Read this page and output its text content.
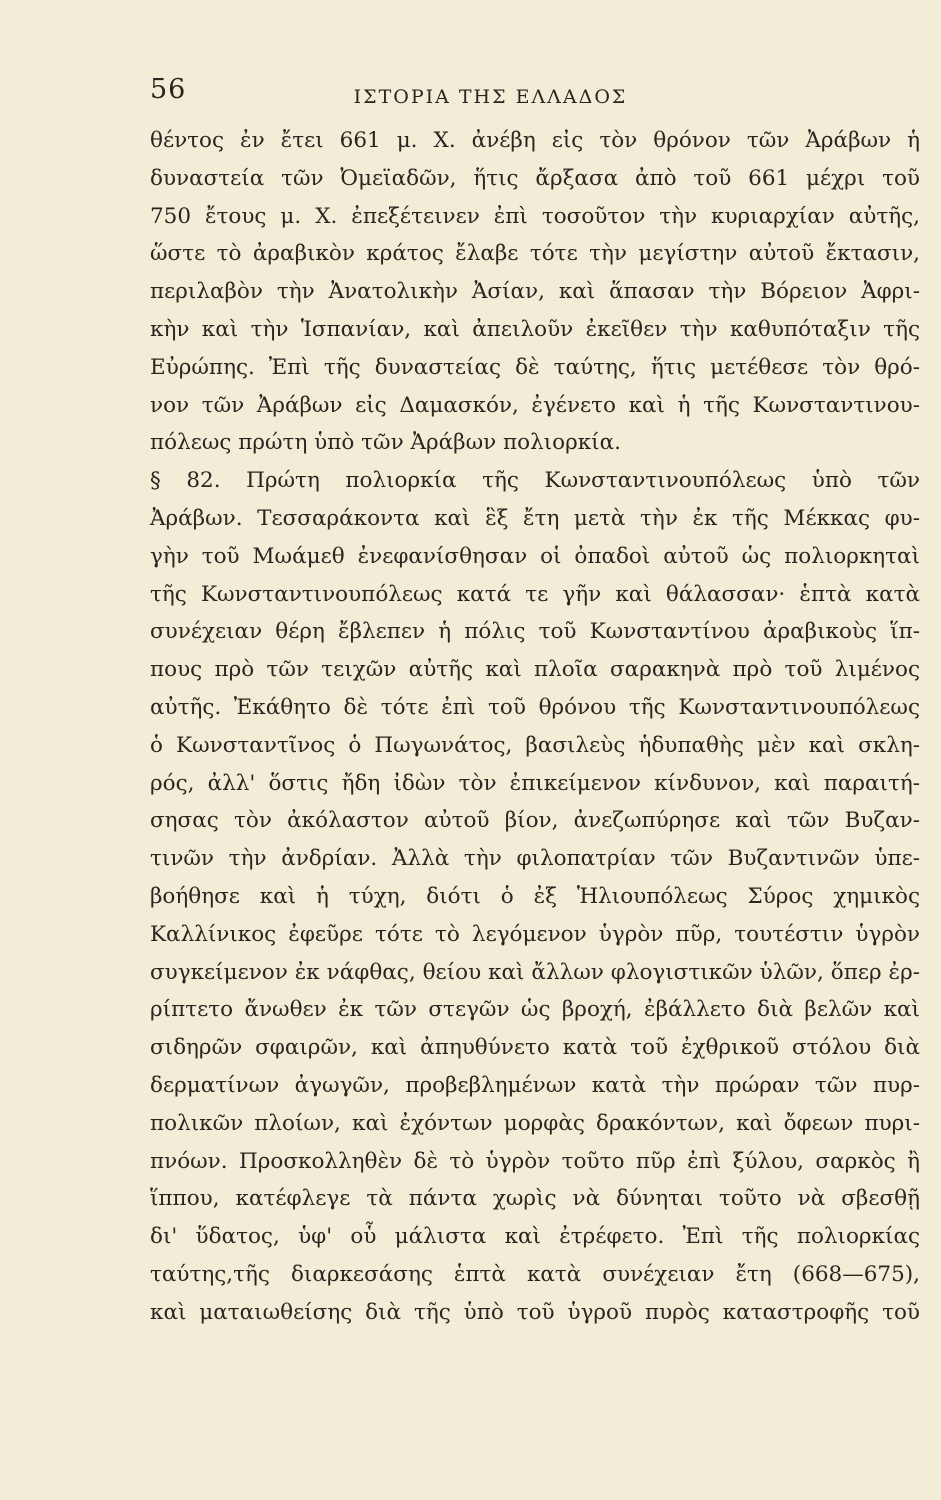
56	ΙΣΤΟΡΙΑ ΤΗΣ ΕΛΛΑΔΟΣ
θέντος ἐν ἔτει 661 μ. Χ. ἀνέβη εἰς τὸν θρόνον τῶν Ἀράβων ἡ
δυναστεία τῶν Ὀμεϊαδῶν, ἥτις ἄρξασα ἀπὸ τοῦ 661 μέχρι τοῦ
750 ἔτους μ. Χ. ἐπεξέτεινεν ἐπὶ τοσοῦτον τὴν κυριαρχίαν αὐτῆς,
ὥστε τὸ ἀραβικὸν κράτος ἔλαβε τότε τὴν μεγίστην αὐτοῦ ἔκτασιν,
περιλαβὸν τὴν Ἀνατολικὴν Ἀσίαν, καὶ ἅπασαν τὴν Βόρειον Ἀφρι-
κὴν καὶ τὴν Ἱσπανίαν, καὶ ἀπειλοῦν ἐκεῖθεν τὴν καθυπόταξιν τῆς
Εὐρώπης. Ἐπὶ τῆς δυναστείας δὲ ταύτης, ἥτις μετέθεσε τὸν θρό-
νον τῶν Ἀράβων εἰς Δαμασκόν, ἐγένετο καὶ ἡ τῆς Κωνσταντινου-
πόλεως πρώτη ὑπὸ τῶν Ἀράβων πολιορκία.
§ 82. Πρώτη πολιορκία τῆς Κωνσταντινουπόλεως ὑπὸ τῶν
Ἀράβων. Τεσσαράκοντα καὶ ἓξ ἔτη μετὰ τὴν ἐκ τῆς Μέκκας φυ-
γὴν τοῦ Μωάμεθ ἐνεφανίσθησαν οἱ ὀπαδοὶ αὐτοῦ ὡς πολιορκηταὶ
τῆς Κωνσταντινουπόλεως κατά τε γῆν καὶ θάλασσαν· ἑπτὰ κατὰ
συνέχειαν θέρη ἔβλεπεν ἡ πόλις τοῦ Κωνσταντίνου ἀραβικοὺς ἵπ-
πους πρὸ τῶν τειχῶν αὐτῆς καὶ πλοῖα σαρακηνὰ πρὸ τοῦ λιμένος
αὐτῆς. Ἐκάθητο δὲ τότε ἐπὶ τοῦ θρόνου τῆς Κωνσταντινουπόλεως
ὁ Κωνσταντῖνος ὁ Πωγωνάτος, βασιλεὺς ἡδυπαθὴς μὲν καὶ σκλη-
ρός, ἀλλ' ὅστις ἤδη ἰδὼν τὸν ἐπικείμενον κίνδυνον, καὶ παραιτή-
σησας τὸν ἀκόλαστον αὐτοῦ βίον, ἀνεζωπύρησε καὶ τῶν Βυζαν-
τινῶν τὴν ἀνδρίαν. Ἀλλὰ τὴν φιλοπατρίαν τῶν Βυζαντινῶν ὑπε-
βοήθησε καὶ ἡ τύχη, διότι ὁ ἐξ Ἡλιουπόλεως Σύρος χημικὸς
Καλλίνικος ἐφεῦρε τότε τὸ λεγόμενον ὑγρὸν πῦρ, τουτέστιν ὑγρὸν
συγκείμενον ἐκ νάφθας, θείου καὶ ἄλλων φλογιστικῶν ὑλῶν, ὅπερ ἐρ-
ρίπτετο ἄνωθεν ἐκ τῶν στεγῶν ὡς βροχή, ἐβάλλετο διὰ βελῶν καὶ
σιδηρῶν σφαιρῶν, καὶ ἀπηυθύνετο κατὰ τοῦ ἐχθρικοῦ στόλου διὰ
δερματίνων ἀγωγῶν, προβεβλημένων κατὰ τὴν πρώραν τῶν πυρ-
πολικῶν πλοίων, καὶ ἐχόντων μορφὰς δρακόντων, καὶ ὄφεων πυρι-
πνόων. Προσκολληθὲν δὲ τὸ ὑγρὸν τοῦτο πῦρ ἐπὶ ξύλου, σαρκὸς ἢ
ἵππου, κατέφλεγε τὰ πάντα χωρὶς νὰ δύνηται τοῦτο νὰ σβεσθῇ
δι' ὕδατος, ὑφ' οὗ μάλιστα καὶ ἐτρέφετο. Ἐπὶ τῆς πολιορκίας
ταύτης,τῆς διαρκεσάσης ἑπτὰ κατὰ συνέχειαν ἔτη (668—675),
καὶ ματαιωθείσης διὰ τῆς ὑπὸ τοῦ ὑγροῦ πυρὸς καταστροφῆς τοῦ
